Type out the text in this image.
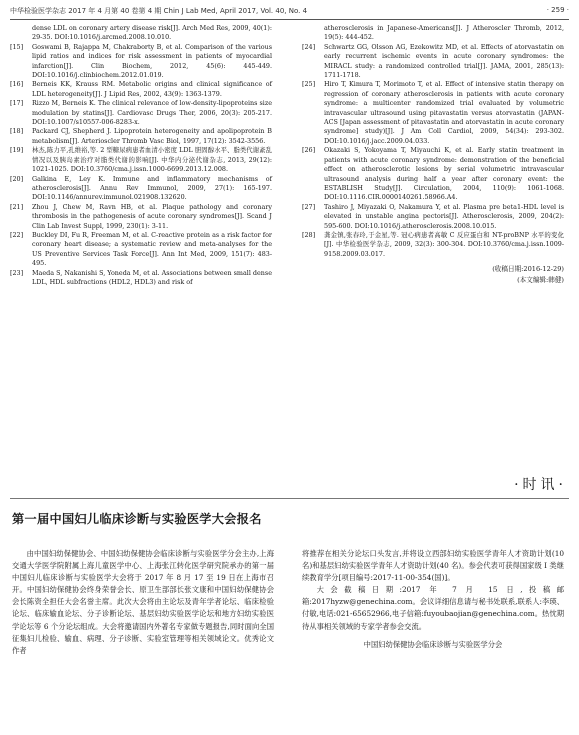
中华检验医学杂志 2017 年 4 月第 40 卷第 4 期 Chin J Lab Med, April 2017, Vol. 40, No. 4	· 259 ·
dense LDL on coronary artery disease risk[J]. Arch Med Res, 2009, 40(1): 29-35. DOI:10.1016/j.arcmed.2008.10.010.
[15]	Goswami B, Rajappa M, Chakraborty B, et al. Comparison of the various lipid ratios and indices for risk assessment in patients of myocardial infarction[J]. Clin Biochem, 2012, 45(6): 445-449. DOI:10.1016/j.clinbiochem.2012.01.019.
[16]	Berneis KK, Krauss RM. Metabolic origins and clinical significance of LDL heterogeneity[J]. J Lipid Res, 2002, 43(9): 1363-1379.
[17]	Rizzo M, Berneis K. The clinical relevance of low-density-lipoproteins size modulation by statins[J]. Cardiovasc Drugs Ther, 2006, 20(3): 205-217. DOI:10.1007/s10557-006-8283-x.
[18]	Packard CJ, Shepherd J. Lipoprotein heterogeneity and apolipoprotein B metabolism[J]. Arterioscler Thromb Vasc Biol, 1997, 17(12): 3542-3556.
[19]	林杰,陈力平,孔维裕,等. 2 型糖尿病患者血清小密度 LDL 胆固醇水平、脂类代谢紊乱情况以及胰岛素治疗对脂类代谢的影响[J]. 中华内分泌代谢杂志, 2013, 29(12): 1021-1025. DOI:10.3760/cma.j.issn.1000-6699.2013.12.008.
[20]	Galkina E, Ley K. Immune and inflammatory mechanisms of atherosclerosis[J]. Annu Rev Immunol, 2009, 27(1): 165-197. DOI:10.1146/annurev.immunol.021908.132620.
[21]	Zhou J, Chew M, Ravn HB, et al. Plaque pathology and coronary thrombosis in the pathogenesis of acute coronary syndromes[J]. Scand J Clin Lab Invest Suppl, 1999, 230(1): 3-11.
[22]	Buckley DI, Fu R, Freeman M, et al. C-reactive protein as a risk factor for coronary heart disease; a systematic review and meta-analyses for the US Preventive Services Task Force[J]. Ann Int Med, 2009, 151(7): 483-495.
[23]	Maeda S, Nakanishi S, Yoneda M, et al. Associations between small dense LDL, HDL subfractions (HDL2, HDL3) and risk of
atherosclerosis in Japanese-Americans[J]. J Atheroscler Thromb, 2012, 19(5): 444-452.
[24]	Schwartz GG, Olsson AG, Ezekowitz MD, et al. Effects of atorvastatin on early recurrent ischemic events in acute coronary syndromes: the MIRACL study: a randomized controlled trial[J]. JAMA, 2001, 285(13): 1711-1718.
[25]	Hiro T, Kimura T, Morimoto T, et al. Effect of intensive statin therapy on regression of coronary atherosclerosis in patients with acute coronary syndrome: a multicenter randomized trial evaluated by volumetric intravascular ultrasound using pitavastatin versus atorvastatin (JAPAN-ACS [Japan assessment of pitavastatin and atorvastatin in acute coronary syndrome] study)[J]. J Am Coll Cardiol, 2009, 54(34): 293-302. DOI:10.1016/j.jacc.2009.04.033.
[26]	Okazaki S, Yokoyama T, Miyauchi K, et al. Early statin treatment in patients with acute coronary syndrome: demonstration of the beneficial effect on atherosclerotic lesions by serial volumetric intravascular ultrasound analysis during half a year after coronary event: the ESTABLISH Study[J]. Circulation, 2004, 110(9): 1061-1068. DOI:10.1116.CIR.0000140261.58966.A4.
[27]	Tashiro J, Miyazaki O, Nakamura Y, et al. Plasma pre beta1-HDL level is elevated in unstable angina pectoris[J]. Atherosclerosis, 2009, 204(2): 595-600. DOI:10.1016/j.atherosclerosis.2008.10.015.
[28]	龚金镇,张春玲,于金星,等. 冠心病患者高敏 C 反应蛋白和 NT-proBNP 水平的变化[J]. 中华检验医学杂志, 2009, 32(3): 300-304. DOI:10.3760/cma.j.issn.1009-9158.2009.03.017.
(收稿日期:2016-12-29)
(本文编辑:韩健)
·时讯·
第一届中国妇儿临床诊断与实验医学大会报名

由中国妇幼保健协会、中国妇幼保健协会临床诊断与实验医学分会主办,上海交通大学医学院附属上海儿童医学中心、上海张江转化医学研究院承办的第一届中国妇儿临床诊断与实验医学大会将于 2017 年 8 月 17 至 19 日在上海市召开。中国妇幼保健协会终身荣誉会长、原卫生部部长张文康和中国妇幼保健协会会长陈资全担任大会名誉主席。此次大会将由主论坛及青年学者论坛、临床检验论坛、临床输血论坛、分子诊断论坛、基层妇幼实验医学论坛和地方妇幼实验医学论坛等 6 个分论坛组成。大会将邀请国内外著名专家做专题报告,同时面向全国征集妇儿检验、输血、病理、分子诊断、实验室管理等相关领域论文。优秀论文作者

将推荐在相关分论坛口头发言,并将设立西部妇幼实验医学青年人才资助计划(10 名)和基层妇幼实验医学青年人才资助计划(40 名)。参会代表可获得国家级 I 类继续教育学分[项目编号:2017-11-00-354(国)]。

大会截稿日期:2017 年 7 月 15 日,投稿邮箱:2017hyzw@genechina.com。会议详细信息请与秘书处联系,联系人:李瑛、付敏,电话:021-65652966,电子信箱:fuyoubaojian@genechina.com。热忱期待从事相关领域的专家学者参会交流。

中国妇幼保健协会临床诊断与实验医学分会
